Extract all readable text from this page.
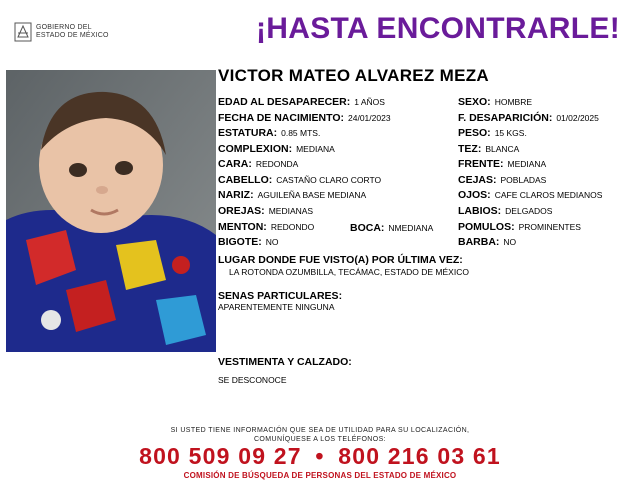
GOBIERNO DEL
ESTADO DE MÉXICO	¡HASTA ENCONTRARLE!
VICTOR MATEO ALVAREZ MEZA
EDAD AL DESAPARECER: 1 AÑOS
FECHA DE NACIMIENTO: 24/01/2023
ESTATURA: 0.85 MTS.
COMPLEXION: MEDIANA
CARA: REDONDA
CABELLO: CASTAÑO CLARO CORTO
NARIZ: AGUILEÑA BASE MEDIANA
OREJAS: MEDIANAS
MENTON: REDONDO	BOCA: NMEDIANA
BIGOTE: NO
SEXO: HOMBRE
F. DESAPARICIÓN: 01/02/2025
PESO: 15 KGS.
TEZ: BLANCA
FRENTE: MEDIANA
CEJAS: POBLADAS
OJOS: CAFE CLAROS MEDIANOS
LABIOS: DELGADOS
POMULOS: PROMINENTES
BARBA: NO
LUGAR DONDE FUE VISTO(A) POR ÚLTIMA VEZ:
LA ROTONDA OZUMBILLA, TECÁMAC, ESTADO DE MÉXICO
SENAS PARTICULARES:
APARENTEMENTE NINGUNA
VESTIMENTA Y CALZADO:
SE DESCONOCE
SI USTED TIENE INFORMACIÓN QUE SEA DE UTILIDAD PARA SU LOCALIZACIÓN,
COMUNÍQUESE A LOS TELÉFONOS:
800 509 09 27 • 800 216 03 61
COMISIÓN DE BÚSQUEDA DE PERSONAS DEL ESTADO DE MÉXICO
